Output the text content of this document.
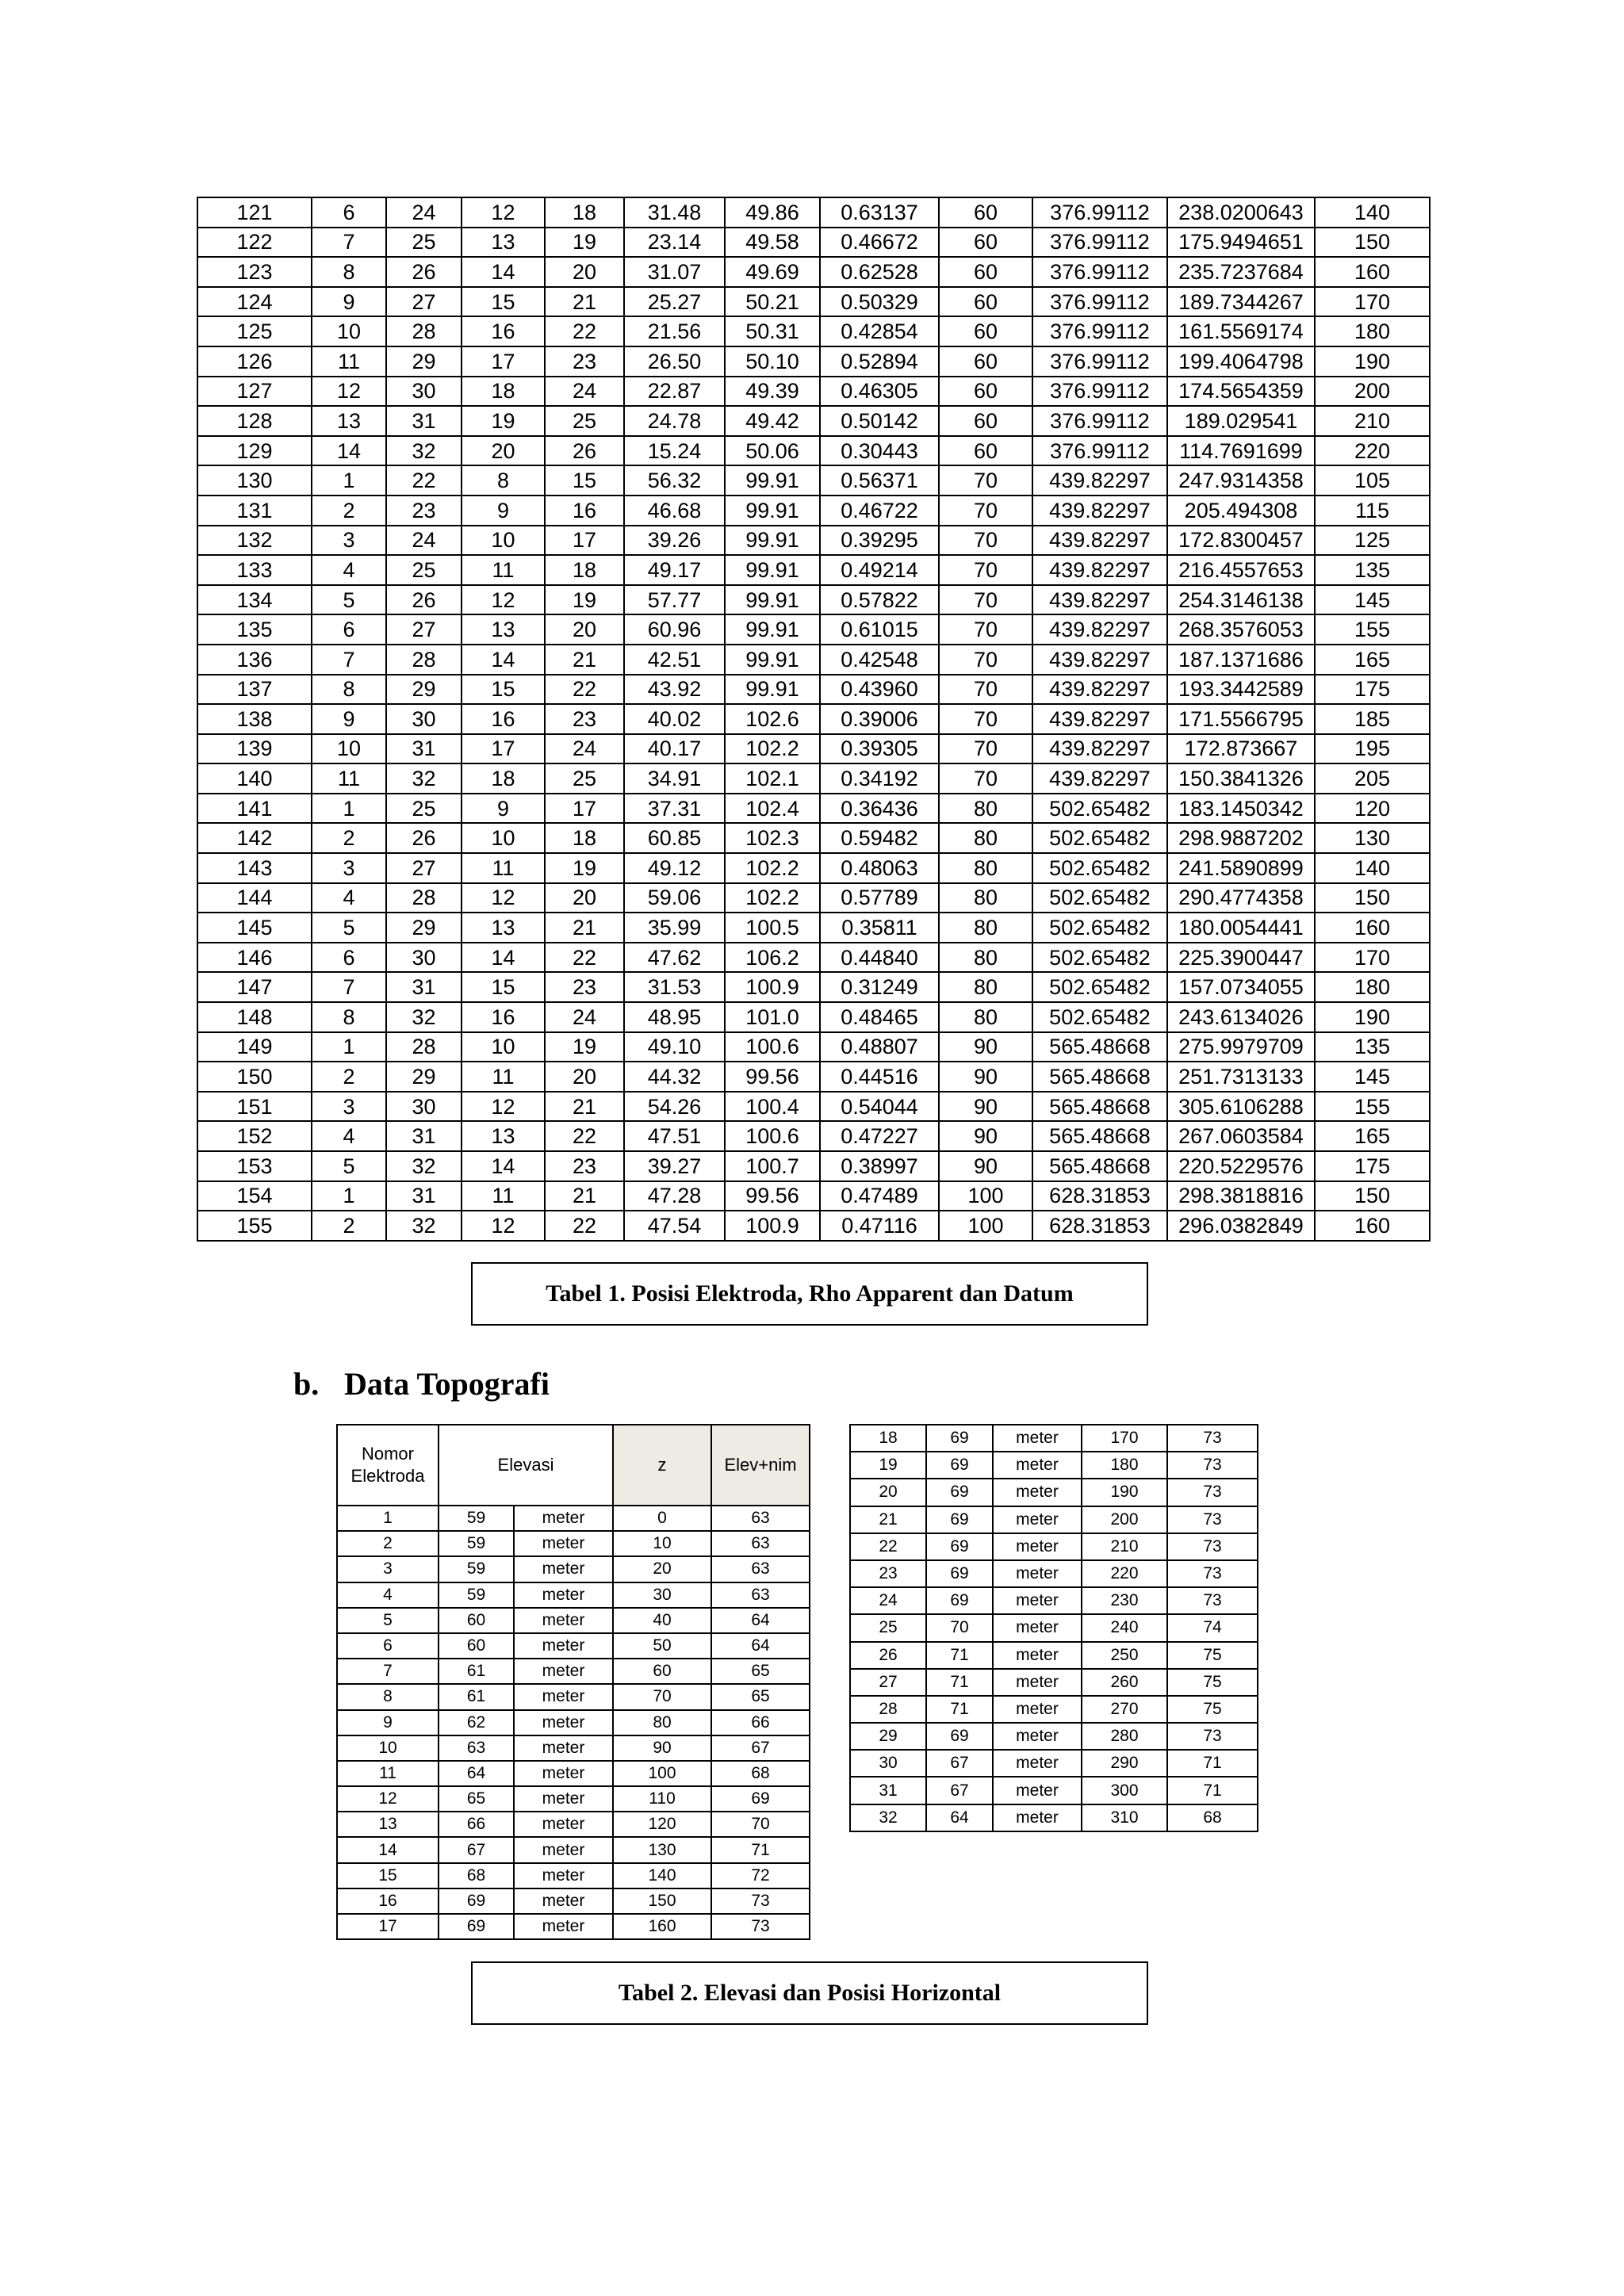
121	6	24	12	18	31.48	49.86	0.63137	60	376.99112	238.0200643	140
122	7	25	13	19	23.14	49.58	0.46672	60	376.99112	175.9494651	150
123	8	26	14	20	31.07	49.69	0.62528	60	376.99112	235.7237684	160
124	9	27	15	21	25.27	50.21	0.50329	60	376.99112	189.7344267	170
125	10	28	16	22	21.56	50.31	0.42854	60	376.99112	161.5569174	180
126	11	29	17	23	26.50	50.10	0.52894	60	376.99112	199.4064798	190
127	12	30	18	24	22.87	49.39	0.46305	60	376.99112	174.5654359	200
128	13	31	19	25	24.78	49.42	0.50142	60	376.99112	189.029541	210
129	14	32	20	26	15.24	50.06	0.30443	60	376.99112	114.7691699	220
130	1	22	8	15	56.32	99.91	0.56371	70	439.82297	247.9314358	105
131	2	23	9	16	46.68	99.91	0.46722	70	439.82297	205.494308	115
132	3	24	10	17	39.26	99.91	0.39295	70	439.82297	172.8300457	125
133	4	25	11	18	49.17	99.91	0.49214	70	439.82297	216.4557653	135
134	5	26	12	19	57.77	99.91	0.57822	70	439.82297	254.3146138	145
135	6	27	13	20	60.96	99.91	0.61015	70	439.82297	268.3576053	155
136	7	28	14	21	42.51	99.91	0.42548	70	439.82297	187.1371686	165
137	8	29	15	22	43.92	99.91	0.43960	70	439.82297	193.3442589	175
138	9	30	16	23	40.02	102.6	0.39006	70	439.82297	171.5566795	185
139	10	31	17	24	40.17	102.2	0.39305	70	439.82297	172.873667	195
140	11	32	18	25	34.91	102.1	0.34192	70	439.82297	150.3841326	205
141	1	25	9	17	37.31	102.4	0.36436	80	502.65482	183.1450342	120
142	2	26	10	18	60.85	102.3	0.59482	80	502.65482	298.9887202	130
143	3	27	11	19	49.12	102.2	0.48063	80	502.65482	241.5890899	140
144	4	28	12	20	59.06	102.2	0.57789	80	502.65482	290.4774358	150
145	5	29	13	21	35.99	100.5	0.35811	80	502.65482	180.0054441	160
146	6	30	14	22	47.62	106.2	0.44840	80	502.65482	225.3900447	170
147	7	31	15	23	31.53	100.9	0.31249	80	502.65482	157.0734055	180
148	8	32	16	24	48.95	101.0	0.48465	80	502.65482	243.6134026	190
149	1	28	10	19	49.10	100.6	0.48807	90	565.48668	275.9979709	135
150	2	29	11	20	44.32	99.56	0.44516	90	565.48668	251.7313133	145
151	3	30	12	21	54.26	100.4	0.54044	90	565.48668	305.6106288	155
152	4	31	13	22	47.51	100.6	0.47227	90	565.48668	267.0603584	165
153	5	32	14	23	39.27	100.7	0.38997	90	565.48668	220.5229576	175
154	1	31	11	21	47.28	99.56	0.47489	100	628.31853	298.3818816	150
155	2	32	12	22	47.54	100.9	0.47116	100	628.31853	296.0382849	160
Tabel 1. Posisi Elektroda, Rho Apparent dan Datum
b. Data Topografi
Nomor Elektroda	Elevasi		z	Elev+nim
1	59	meter	0	63
2	59	meter	10	63
3	59	meter	20	63
4	59	meter	30	63
5	60	meter	40	64
6	60	meter	50	64
7	61	meter	60	65
8	61	meter	70	65
9	62	meter	80	66
10	63	meter	90	67
11	64	meter	100	68
12	65	meter	110	69
13	66	meter	120	70
14	67	meter	130	71
15	68	meter	140	72
16	69	meter	150	73
17	69	meter	160	73
18	69	meter	170	73
19	69	meter	180	73
20	69	meter	190	73
21	69	meter	200	73
22	69	meter	210	73
23	69	meter	220	73
24	69	meter	230	73
25	70	meter	240	74
26	71	meter	250	75
27	71	meter	260	75
28	71	meter	270	75
29	69	meter	280	73
30	67	meter	290	71
31	67	meter	300	71
32	64	meter	310	68
Tabel 2. Elevasi dan Posisi Horizontal
